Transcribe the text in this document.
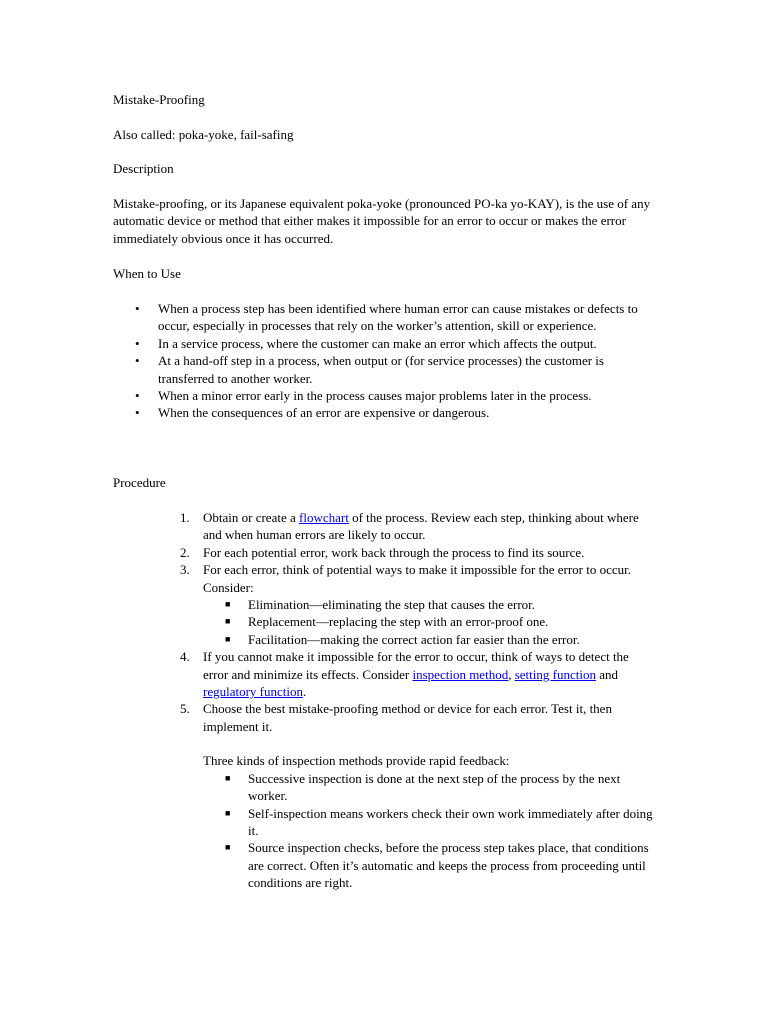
Mistake-Proofing

Also called: poka-yoke, fail-safing

Description

Mistake-proofing, or its Japanese equivalent poka-yoke (pronounced PO-ka yo-KAY), is the use of any automatic device or method that either makes it impossible for an error to occur or makes the error immediately obvious once it has occurred.

When to Use

• When a process step has been identified where human error can cause mistakes or defects to occur, especially in processes that rely on the worker’s attention, skill or experience.
• In a service process, where the customer can make an error which affects the output.
• At a hand-off step in a process, when output or (for service processes) the customer is transferred to another worker.
• When a minor error early in the process causes major problems later in the process.
• When the consequences of an error are expensive or dangerous.

Procedure

1. Obtain or create a flowchart of the process. Review each step, thinking about where and when human errors are likely to occur.
2. For each potential error, work back through the process to find its source.
3. For each error, think of potential ways to make it impossible for the error to occur. Consider:
■ Elimination—eliminating the step that causes the error.
■ Replacement—replacing the step with an error-proof one.
■ Facilitation—making the correct action far easier than the error.
4. If you cannot make it impossible for the error to occur, think of ways to detect the error and minimize its effects. Consider inspection method, setting function and regulatory function.
5. Choose the best mistake-proofing method or device for each error. Test it, then implement it.
Three kinds of inspection methods provide rapid feedback:
■ Successive inspection is done at the next step of the process by the next worker.
■ Self-inspection means workers check their own work immediately after doing it.
■ Source inspection checks, before the process step takes place, that conditions are correct. Often it’s automatic and keeps the process from proceeding until conditions are right.
